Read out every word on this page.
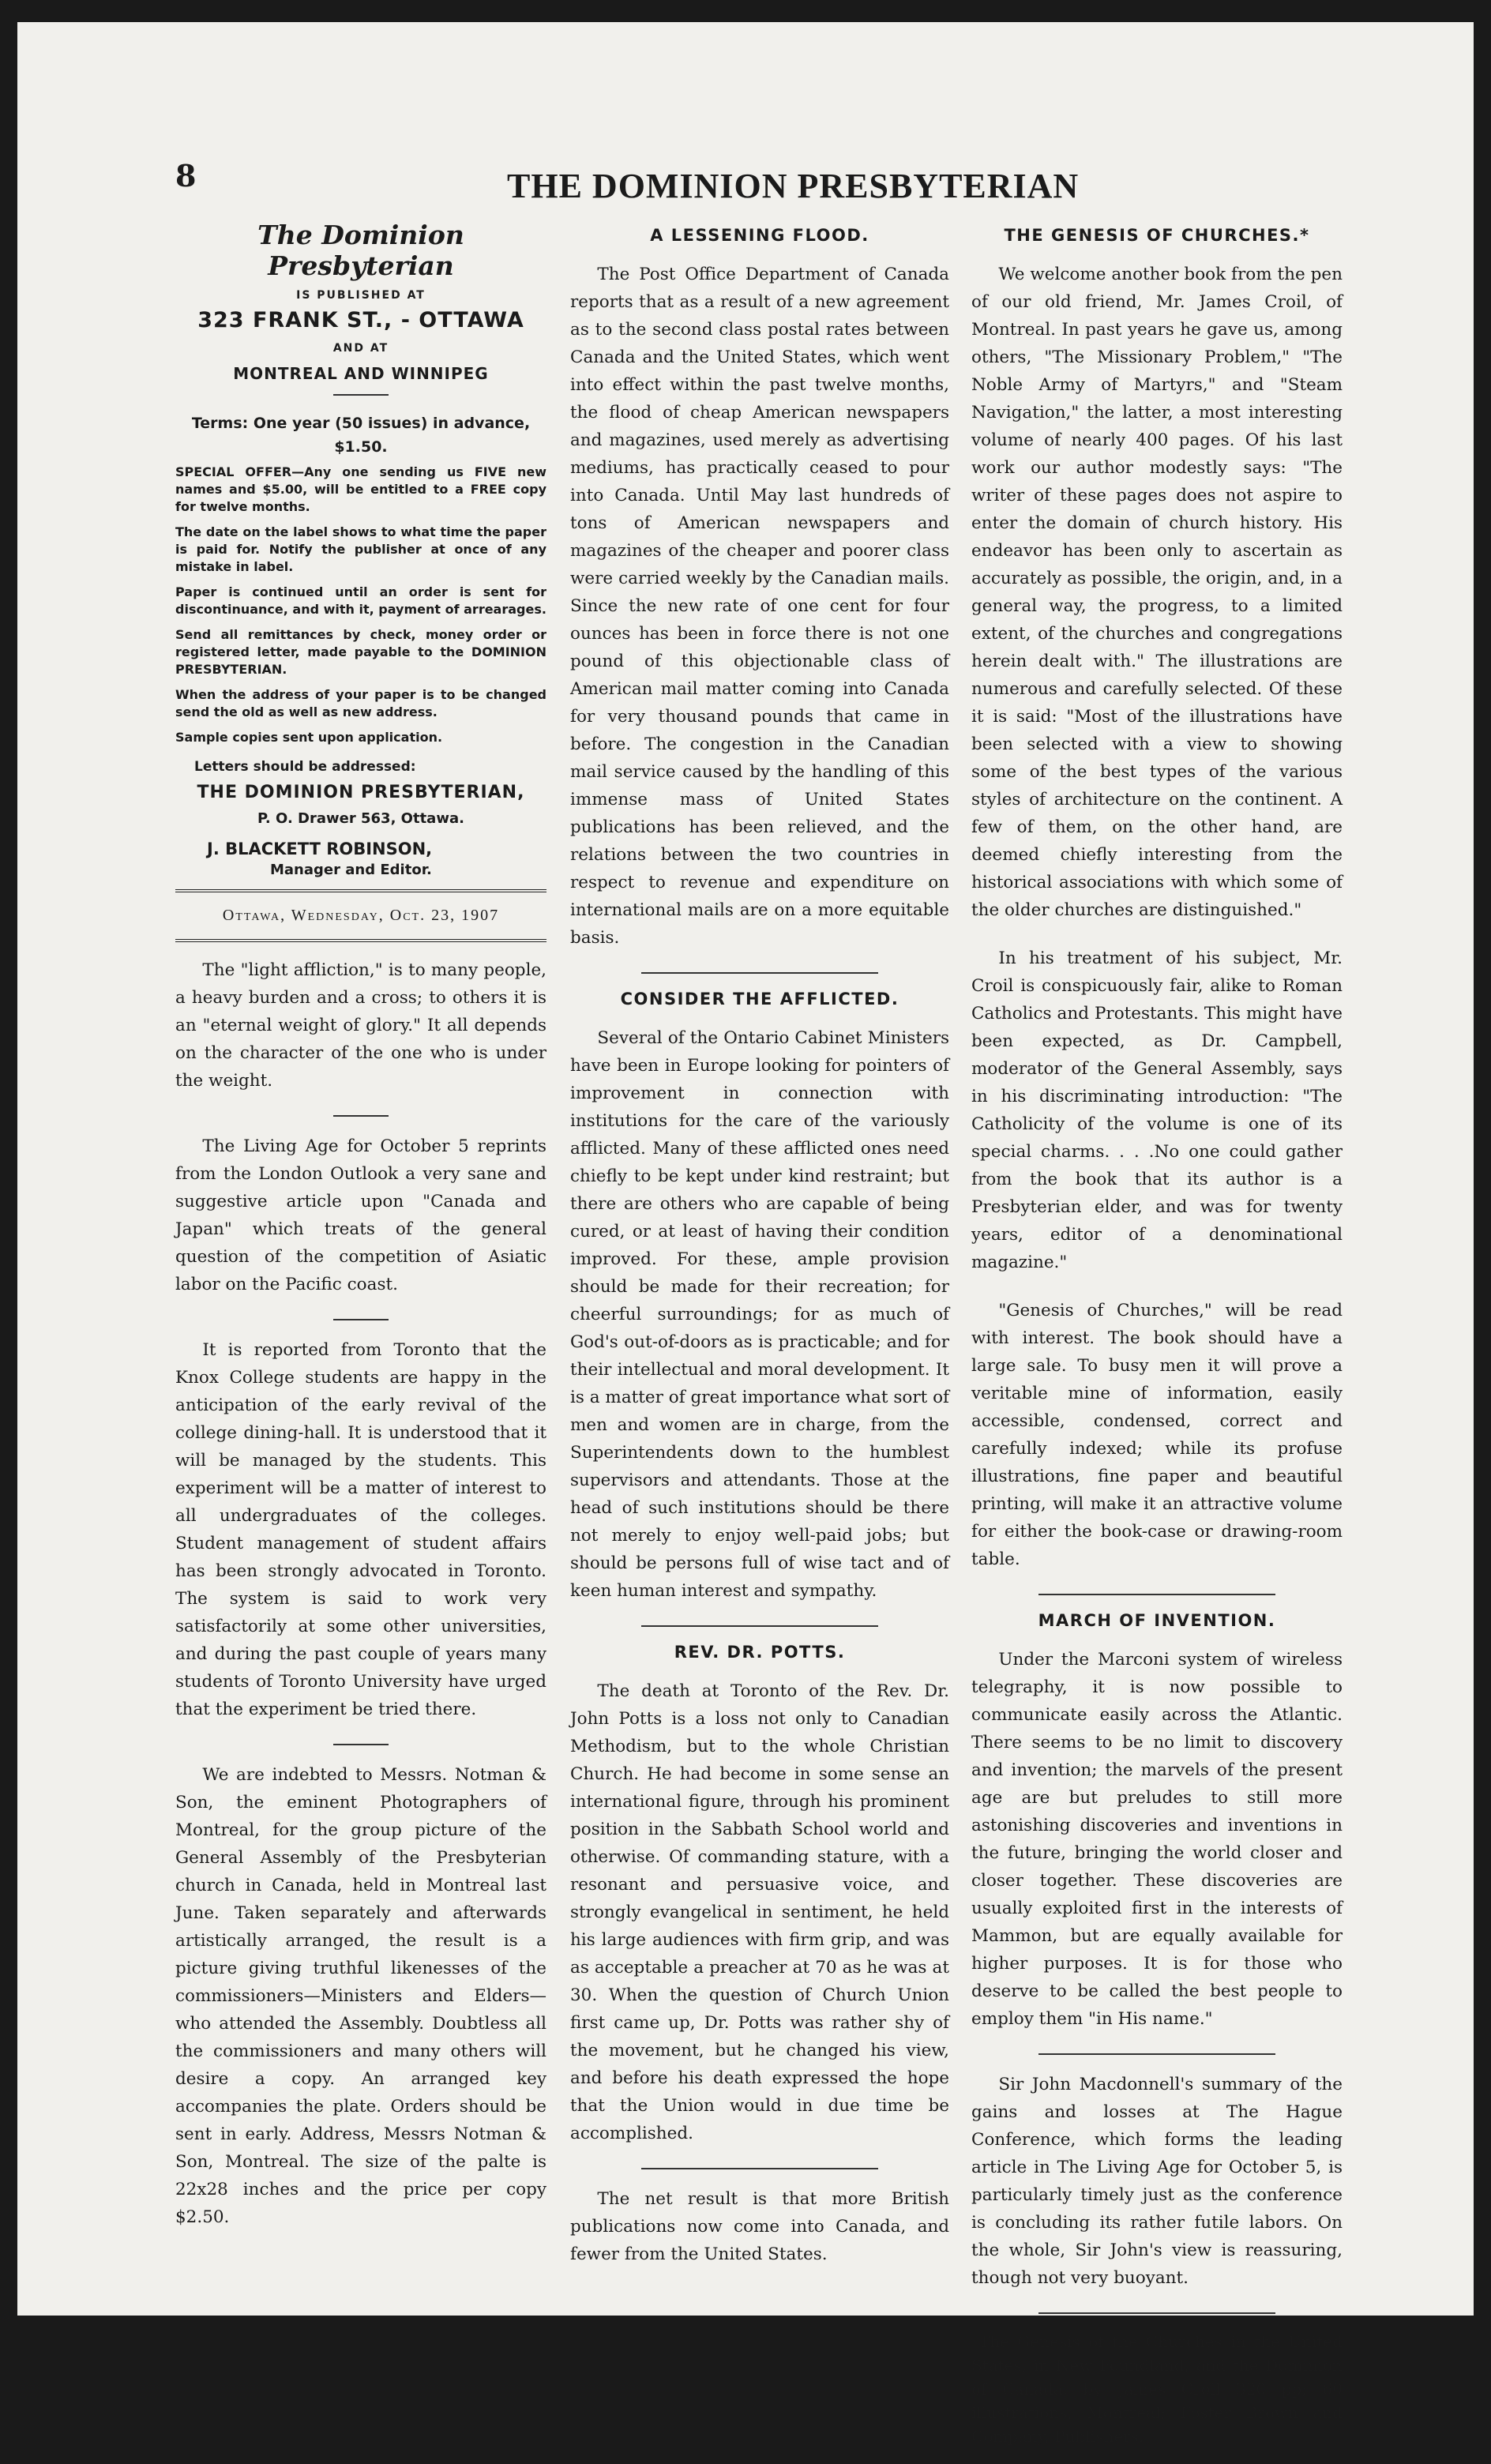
8	THE DOMINION PRESBYTERIAN
The Dominion Presbyterian
IS PUBLISHED AT
323 FRANK ST., - OTTAWA
AND AT
MONTREAL AND WINNIPEG
Terms: One year (50 issues) in advance, $1.50.

SPECIAL OFFER—Any one sending us FIVE new names and $5.00, will be entitled to a FREE copy for twelve months.

The date on the label shows to what time the paper is paid for. Notify the publisher at once of any mistake in label.

Paper is continued until an order is sent for discontinuance, and with it, payment of arrearages.

Send all remittances by check, money order or registered letter, made payable to the DOMINION PRESBYTERIAN.

When the address of your paper is to be changed send the old as well as new address.

Sample copies sent upon application.

Letters should be addressed:
THE DOMINION PRESBYTERIAN,
P. O. Drawer 563, Ottawa.
J. BLACKETT ROBINSON,
Manager and Editor.
Ottawa, Wednesday, Oct. 23, 1907

The "light affliction," is to many people, a heavy burden and a cross; to others it is an "eternal weight of glory." It all depends on the character of the one who is under the weight.

The Living Age for October 5 reprints from the London Outlook a very sane and suggestive article upon "Canada and Japan" which treats of the general question of the competition of Asiatic labor on the Pacific coast.

It is reported from Toronto that the Knox College students are happy in the anticipation of the early revival of the college dining-hall. It is understood that it will be managed by the students. This experiment will be a matter of interest to all undergraduates of the colleges. Student management of student affairs has been strongly advocated in Toronto. The system is said to work very satisfactorily at some other universities, and during the past couple of years many students of Toronto University have urged that the experiment be tried there.

We are indebted to Messrs. Notman & Son, the eminent Photographers of Montreal, for the group picture of the General Assembly of the Presbyterian church in Canada, held in Montreal last June. Taken separately and afterwards artistically arranged, the result is a picture giving truthful likenesses of the commissioners—Ministers and Elders—who attended the Assembly. Doubtless all the commissioners and many others will desire a copy. An arranged key accompanies the plate. Orders should be sent in early. Address, Messrs Notman & Son, Montreal. The size of the palte is 22x28 inches and the price per copy $2.50.

A LESSENING FLOOD.

The Post Office Department of Canada reports that as a result of a new agreement as to the second class postal rates between Canada and the United States, which went into effect within the past twelve months, the flood of cheap American newspapers and magazines, used merely as advertising mediums, has practically ceased to pour into Canada. Until May last hundreds of tons of American newspapers and magazines of the cheaper and poorer class were carried weekly by the Canadian mails. Since the new rate of one cent for four ounces has been in force there is not one pound of this objectionable class of American mail matter coming into Canada for very thousand pounds that came in before. The congestion in the Canadian mail service caused by the handling of this immense mass of United States publications has been relieved, and the relations between the two countries in respect to revenue and expenditure on international mails are on a more equitable basis.

CONSIDER THE AFFLICTED.

Several of the Ontario Cabinet Ministers have been in Europe looking for pointers of improvement in connection with institutions for the care of the variously afflicted. Many of these afflicted ones need chiefly to be kept under kind restraint; but there are others who are capable of being cured, or at least of having their condition improved. For these, ample provision should be made for their recreation; for cheerful surroundings; for as much of God's out-of-doors as is practicable; and for their intellectual and moral development. It is a matter of great importance what sort of men and women are in charge, from the Superintendents down to the humblest supervisors and attendants. Those at the head of such institutions should be there not merely to enjoy well-paid jobs; but should be persons full of wise tact and of keen human interest and sympathy.

REV. DR. POTTS.

The death at Toronto of the Rev. Dr. John Potts is a loss not only to Canadian Methodism, but to the whole Christian Church. He had become in some sense an international figure, through his prominent position in the Sabbath School world and otherwise. Of commanding stature, with a resonant and persuasive voice, and strongly evangelical in sentiment, he held his large audiences with firm grip, and was as acceptable a preacher at 70 as he was at 30. When the question of Church Union first came up, Dr. Potts was rather shy of the movement, but he changed his view, and before his death expressed the hope that the Union would in due time be accomplished.

The net result is that more British publications now come into Canada, and fewer from the United States.

THE GENESIS OF CHURCHES.*

We welcome another book from the pen of our old friend, Mr. James Croil, of Montreal. In past years he gave us, among others, "The Missionary Problem," "The Noble Army of Martyrs," and "Steam Navigation," the latter, a most interesting volume of nearly 400 pages. Of his last work our author modestly says: "The writer of these pages does not aspire to enter the domain of church history. His endeavor has been only to ascertain as accurately as possible, the origin, and, in a general way, the progress, to a limited extent, of the churches and congregations herein dealt with." The illustrations are numerous and carefully selected. Of these it is said: "Most of the illustrations have been selected with a view to showing some of the best types of the various styles of architecture on the continent. A few of them, on the other hand, are deemed chiefly interesting from the historical associations with which some of the older churches are distinguished."

In his treatment of his subject, Mr. Croil is conspicuously fair, alike to Roman Catholics and Protestants. This might have been expected, as Dr. Campbell, moderator of the General Assembly, says in his discriminating introduction: "The Catholicity of the volume is one of its special charms. . . .No one could gather from the book that its author is a Presbyterian elder, and was for twenty years, editor of a denominational magazine."

"Genesis of Churches," will be read with interest. The book should have a large sale. To busy men it will prove a veritable mine of information, easily accessible, condensed, correct and carefully indexed; while its profuse illustrations, fine paper and beautiful printing, will make it an attractive volume for either the book-case or drawing-room table.

MARCH OF INVENTION.

Under the Marconi system of wireless telegraphy, it is now possible to communicate easily across the Atlantic. There seems to be no limit to discovery and invention; the marvels of the present age are but preludes to still more astonishing discoveries and inventions in the future, bringing the world closer and closer together. These discoveries are usually exploited first in the interests of Mammon, but are equally available for higher purposes. It is for those who deserve to be called the best people to employ them "in His name."

Sir John Macdonnell's summary of the gains and losses at The Hague Conference, which forms the leading article in The Living Age for October 5, is particularly timely just as the conference is concluding its rather futile labors. On the whole, Sir John's view is reassuring, though not very buoyant.

*The Genesis of the Churches in the United States, in New Foundland, and the Dominion of Canada, by James Croil 320 pp; 60 illustrations, Montreal; Foster Brown and Company, Publishers.
